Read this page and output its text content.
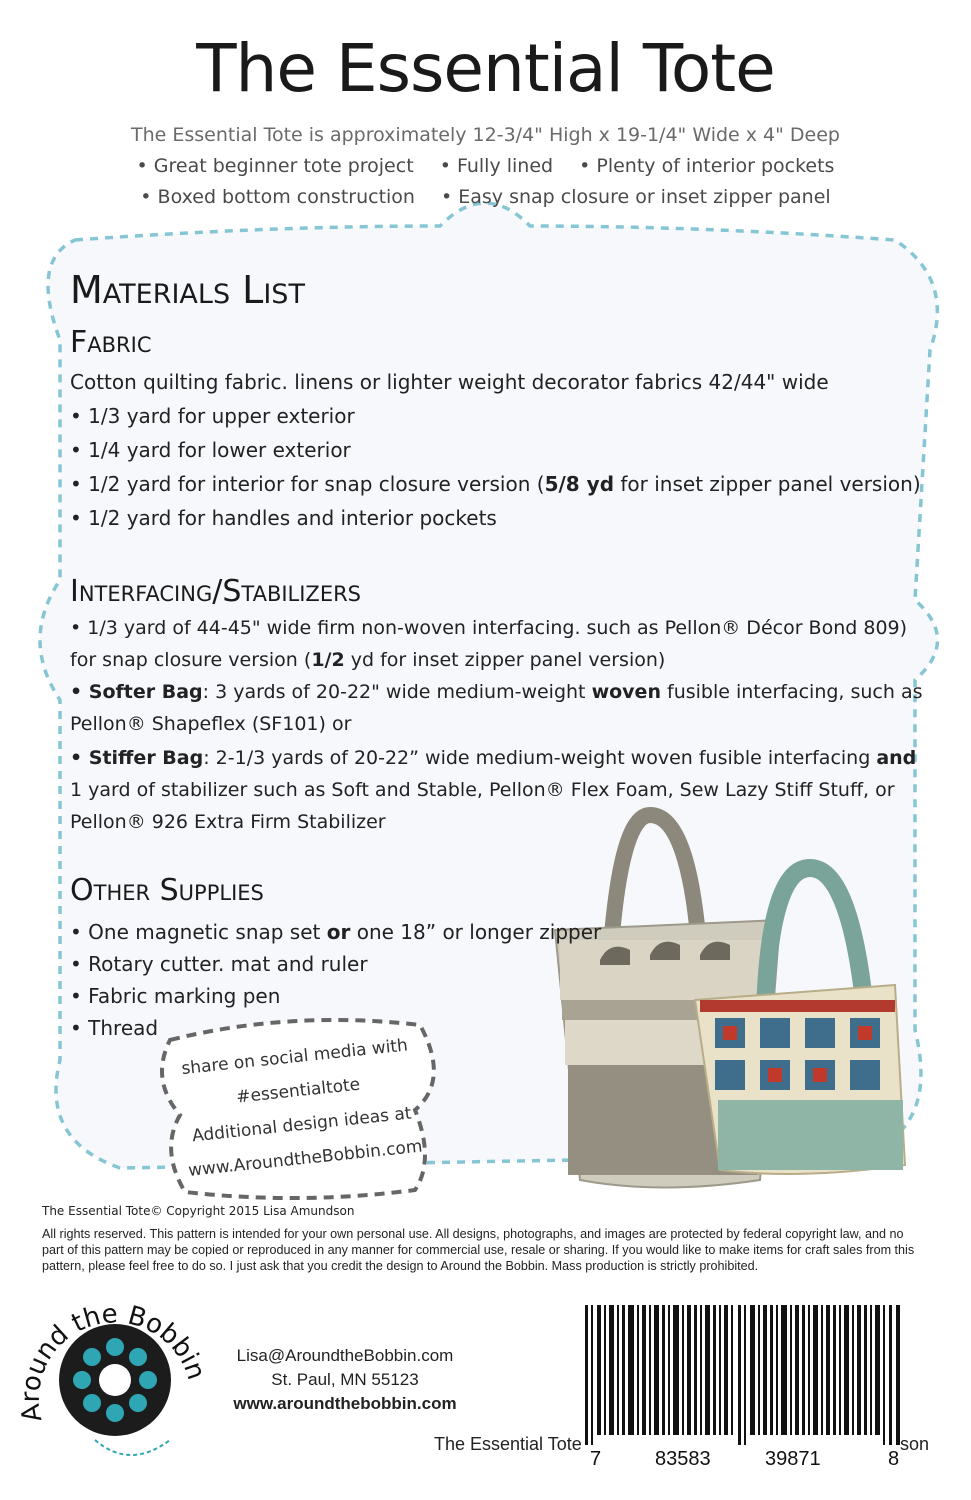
Around the Bobbin
The Essential Tote
The Essential Tote is approximately 12-3/4" High x 19-1/4" Wide x 4" Deep
• Great beginner tote project • Fully lined • Plenty of interior pockets
• Boxed bottom construction • Easy snap closure or inset zipper panel
Materials List
Fabric
Cotton quilting fabric. linens or lighter weight decorator fabrics 42/44" wide
• 1/3 yard for upper exterior
• 1/4 yard for lower exterior
• 1/2 yard for interior for snap closure version (5/8 yd for inset zipper panel version)
• 1/2 yard for handles and interior pockets
Interfacing/Stabilizers
• 1/3 yard of 44-45" wide firm non-woven interfacing. such as Pellon® Décor Bond 809)
for snap closure version (1/2 yd for inset zipper panel version)
• Softer Bag: 3 yards of 20-22" wide medium-weight woven fusible interfacing, such as
Pellon® Shapeflex (SF101) or
• Stiffer Bag: 2-1/3 yards of 20-22” wide medium-weight woven fusible interfacing and
1 yard of stabilizer such as Soft and Stable, Pellon® Flex Foam, Sew Lazy Stiff Stuff, or
Pellon® 926 Extra Firm Stabilizer
Other Supplies
• One magnetic snap set or one 18” or longer zipper
• Rotary cutter. mat and ruler
• Fabric marking pen
• Thread
share on social media with
#essentialtote
Additional design ideas at
www.AroundtheBobbin.com
The Essential Tote© Copyright 2015 Lisa Amundson
All rights reserved. This pattern is intended for your own personal use. All designs, photographs, and images are protected by federal copyright law, and no part of this pattern may be copied or reproduced in any manner for commercial use, resale or sharing. If you would like to make items for craft sales from this pattern, please feel free to do so. I just ask that you credit the design to Around the Bobbin. Mass production is strictly prohibited.
Lisa@AroundtheBobbin.com
St. Paul, MN 55123
www.aroundthebobbin.com
The Essential Tote	son
7	83583	39871	8
